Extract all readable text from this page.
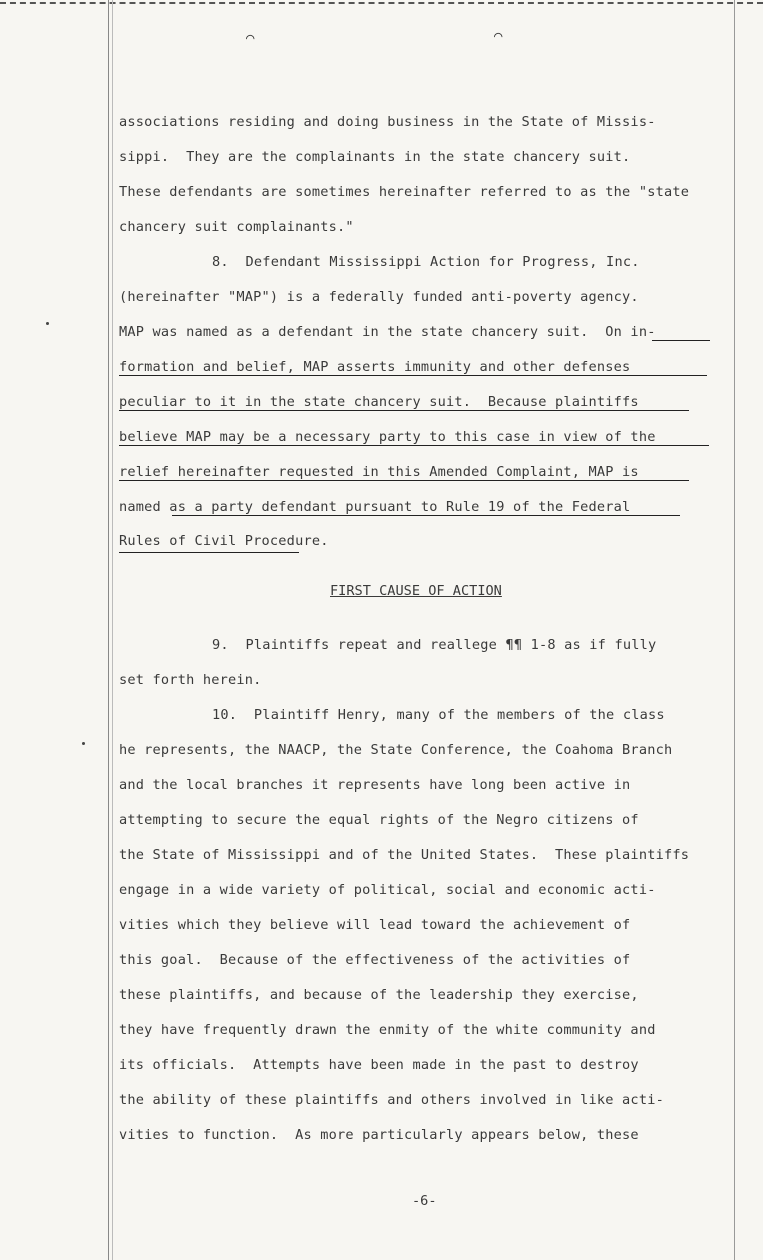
⌒	⌒
associations residing and doing business in the State of Missis-
sippi.  They are the complainants in the state chancery suit.
These defendants are sometimes hereinafter referred to as the "state
chancery suit complainants."
8.  Defendant Mississippi Action for Progress, Inc.
(hereinafter "MAP") is a federally funded anti-poverty agency.
MAP was named as a defendant in the state chancery suit.  On in-
formation and belief, MAP asserts immunity and other defenses
peculiar to it in the state chancery suit.  Because plaintiffs
believe MAP may be a necessary party to this case in view of the
relief hereinafter requested in this Amended Complaint, MAP is
named as a party defendant pursuant to Rule 19 of the Federal
Rules of Civil Procedure.
FIRST CAUSE OF ACTION
9.  Plaintiffs repeat and reallege ¶¶ 1-8 as if fully
set forth herein.
10.  Plaintiff Henry, many of the members of the class
he represents, the NAACP, the State Conference, the Coahoma Branch
and the local branches it represents have long been active in
attempting to secure the equal rights of the Negro citizens of
the State of Mississippi and of the United States.  These plaintiffs
engage in a wide variety of political, social and economic acti-
vities which they believe will lead toward the achievement of
this goal.  Because of the effectiveness of the activities of
these plaintiffs, and because of the leadership they exercise,
they have frequently drawn the enmity of the white community and
its officials.  Attempts have been made in the past to destroy
the ability of these plaintiffs and others involved in like acti-
vities to function.  As more particularly appears below, these
-6-
